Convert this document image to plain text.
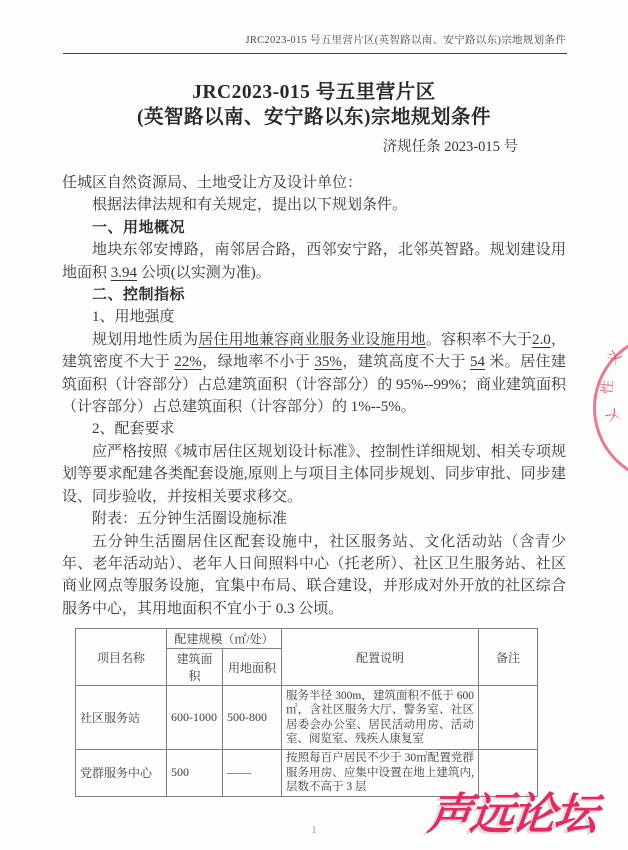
JRC2023-015 号五里营片区(英智路以南、安宁路以东)宗地规划条件
JRC2023-015 号五里营片区
(英智路以南、安宁路以东)宗地规划条件
济规任条 2023-015 号

任城区自然资源局、土地受让方及设计单位：

根据法律法规和有关规定，提出以下规划条件。

一、用地概况

地块东邻安博路，南邻居合路，西邻安宁路，北邻英智路。规划建设用地面积 3.94 公顷(以实测为准)。

二、控制指标

1、用地强度

规划用地性质为居住用地兼容商业服务业设施用地。容积率不大于2.0，建筑密度不大于 22%，绿地率不小于 35%，建筑高度不大于 54 米。居住建筑面积（计容部分）占总建筑面积（计容部分）的 95%--99%；商业建筑面积（计容部分）占总建筑面积（计容部分）的 1%--5%。

2、配套要求

应严格按照《城市居住区规划设计标准》、控制性详细规划、相关专项规划等要求配建各类配套设施,原则上与项目主体同步规划、同步审批、同步建设、同步验收，并按相关要求移交。

附表：五分钟生活圈设施标准

五分钟生活圈居住区配套设施中，社区服务站、文化活动站（含青少年、老年活动站）、老年人日间照料中心（托老所）、社区卫生服务站、社区商业网点等服务设施，宜集中布局、联合建设，并形成对外开放的社区综合服务中心，其用地面积不宜小于 0.3 公顷。

项目名称	配建规模（㎡/处）		配置说明	备注
	建筑面积	用地面积		
社区服务站	600-1000	500-800	服务半径 300m，建筑面积不低于 600㎡，含社区服务大厅、警务室、社区居委会办公室、居民活动用房、活动室、阅览室、残疾人康复室	
党群服务中心	500	——	按照每百户居民不少于 30㎡配置党群服务用房、应集中设置在地上建筑内,层数不高于 3 层	
义
性
乂
1	声远论坛
